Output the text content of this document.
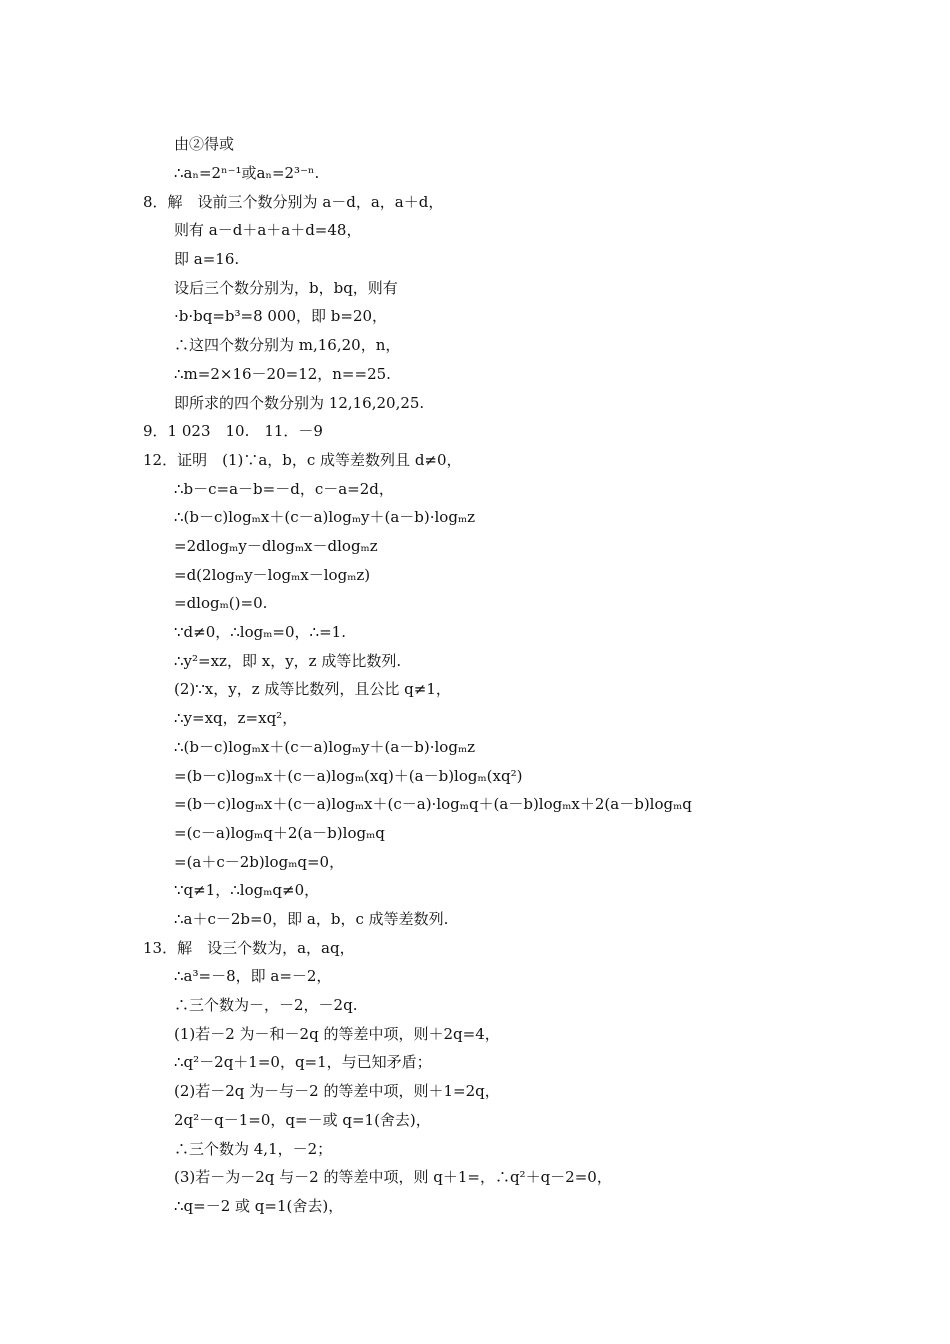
由②得或
∴aₙ=2ⁿ⁻¹或aₙ=2³⁻ⁿ.
8．解　设前三个数分别为 a－d，a，a＋d，
则有 a－d＋a＋a＋d=48，
即 a=16.
设后三个数分别为，b，bq，则有
·b·bq=b³=8 000，即 b=20，
∴这四个数分别为 m,16,20，n，
∴m=2×16－20=12，n==25.
即所求的四个数分别为 12,16,20,25.
9．1 023　10.　11．－9
12．证明　(1)∵a，b，c 成等差数列且 d≠0，
∴b－c=a－b=－d，c－a=2d，
∴(b－c)logₘx＋(c－a)logₘy＋(a－b)·logₘz
=2dlogₘy－dlogₘx－dlogₘz
=d(2logₘy－logₘx－logₘz)
=dlogₘ()=0.
∵d≠0，∴logₘ=0，∴=1.
∴y²=xz，即 x，y，z 成等比数列.
(2)∵x，y，z 成等比数列，且公比 q≠1，
∴y=xq，z=xq²，
∴(b－c)logₘx＋(c－a)logₘy＋(a－b)·logₘz
=(b－c)logₘx＋(c－a)logₘ(xq)＋(a－b)logₘ(xq²)
=(b－c)logₘx＋(c－a)logₘx＋(c－a)·logₘq＋(a－b)logₘx＋2(a－b)logₘq
=(c－a)logₘq＋2(a－b)logₘq
=(a＋c－2b)logₘq=0，
∵q≠1，∴logₘq≠0，
∴a＋c－2b=0，即 a，b，c 成等差数列.
13．解　设三个数为，a，aq，
∴a³=－8，即 a=－2，
∴三个数为－，－2，－2q.
(1)若－2 为－和－2q 的等差中项，则＋2q=4，
∴q²－2q＋1=0，q=1，与已知矛盾；
(2)若－2q 为－与－2 的等差中项，则＋1=2q，
2q²－q－1=0，q=－或 q=1(舍去)，
∴三个数为 4,1，－2；
(3)若－为－2q 与－2 的等差中项，则 q＋1=，∴q²＋q－2=0，
∴q=－2 或 q=1(舍去)，
